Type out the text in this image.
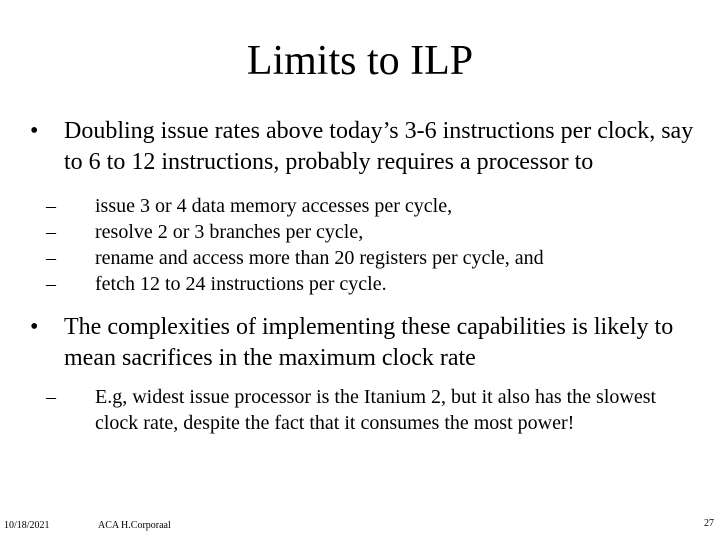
Limits to ILP
• Doubling issue rates above today’s 3-6 instructions per clock, say to 6 to 12 instructions, probably requires a processor to
– issue 3 or 4 data memory accesses per cycle,
– resolve 2 or 3 branches per cycle,
– rename and access more than 20 registers per cycle, and
– fetch 12 to 24 instructions per cycle.
• The complexities of implementing these capabilities is likely to mean sacrifices in the maximum clock rate
– E.g, widest issue processor is the Itanium 2, but it also has the slowest clock rate, despite the fact that it consumes the most power!
10/18/2021	ACA H.Corporaal	27
